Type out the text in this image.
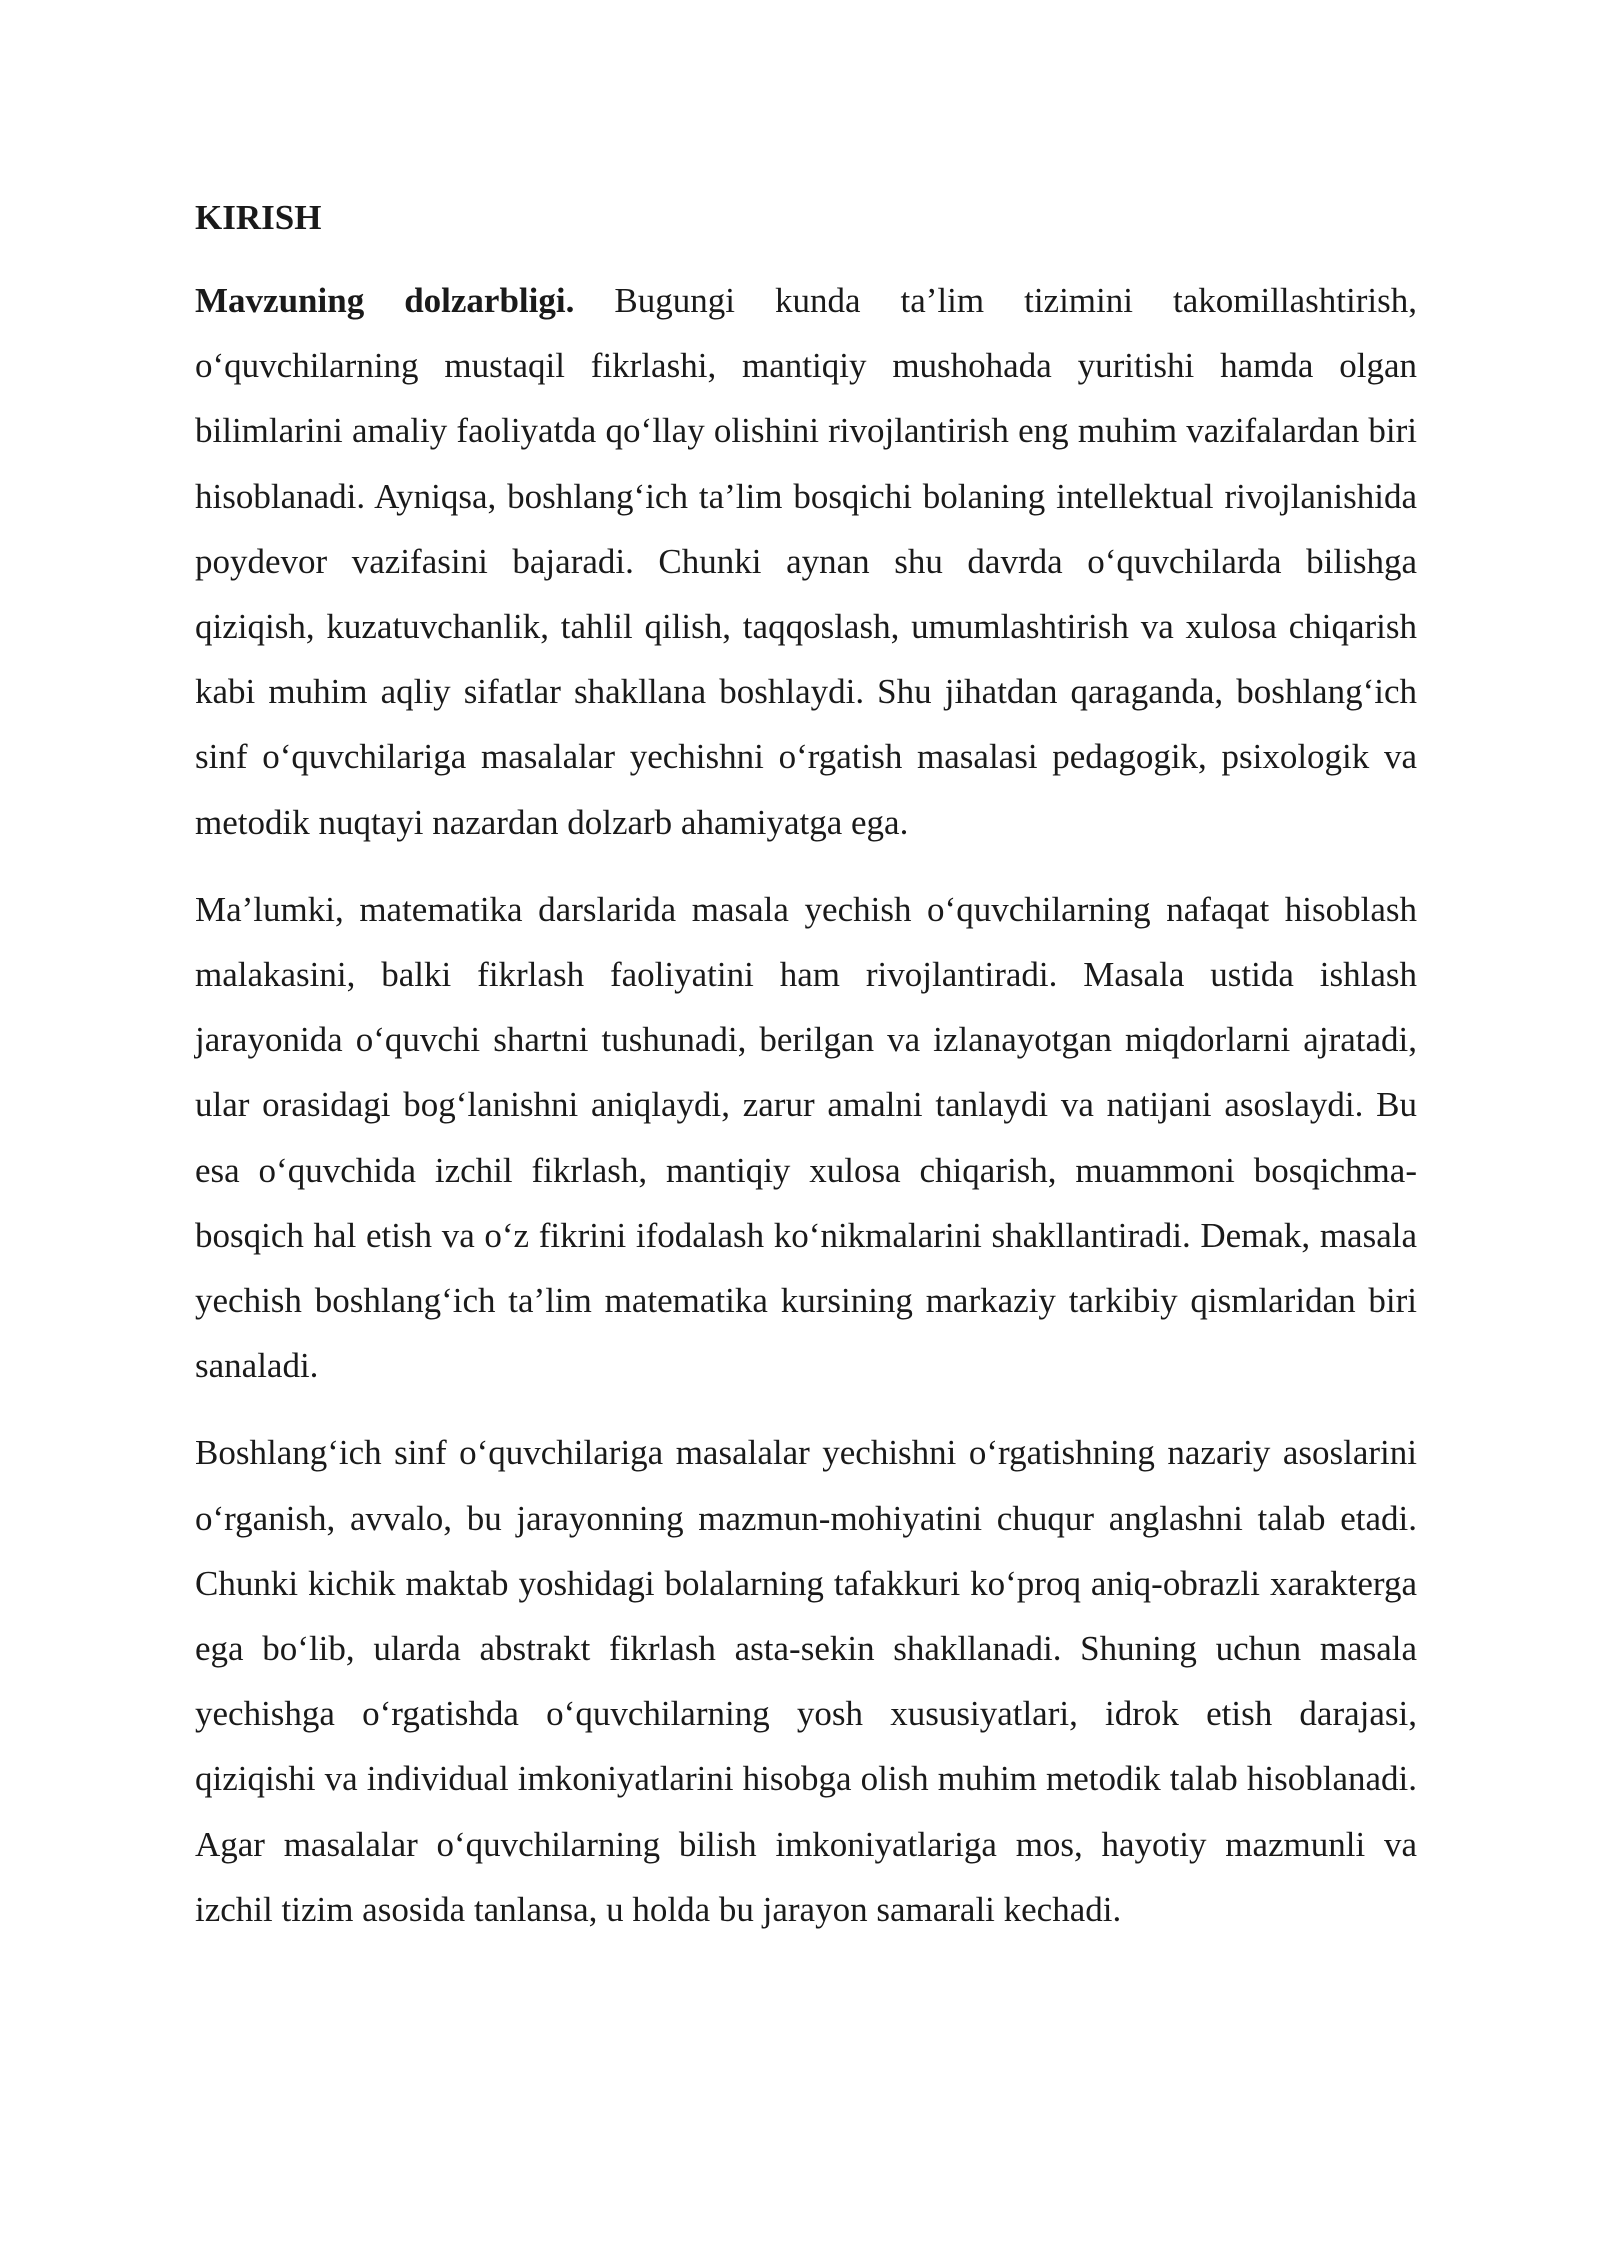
KIRISH

Mavzuning dolzarbligi. Bugungi kunda ta’lim tizimini takomillashtirish, o‘quvchilarning mustaqil fikrlashi, mantiqiy mushohada yuritishi hamda olgan bilimlarini amaliy faoliyatda qo‘llay olishini rivojlantirish eng muhim vazifalardan biri hisoblanadi. Ayniqsa, boshlang‘ich ta’lim bosqichi bolaning intellektual rivojlanishida poydevor vazifasini bajaradi. Chunki aynan shu davrda o‘quvchilarda bilishga qiziqish, kuzatuvchanlik, tahlil qilish, taqqoslash, umumlashtirish va xulosa chiqarish kabi muhim aqliy sifatlar shakllana boshlaydi. Shu jihatdan qaraganda, boshlang‘ich sinf o‘quvchilariga masalalar yechishni o‘rgatish masalasi pedagogik, psixologik va metodik nuqtayi nazardan dolzarb ahamiyatga ega.

Ma’lumki, matematika darslarida masala yechish o‘quvchilarning nafaqat hisoblash malakasini, balki fikrlash faoliyatini ham rivojlantiradi. Masala ustida ishlash jarayonida o‘quvchi shartni tushunadi, berilgan va izlanayotgan miqdorlarni ajratadi, ular orasidagi bog‘lanishni aniqlaydi, zarur amalni tanlaydi va natijani asoslaydi. Bu esa o‘quvchida izchil fikrlash, mantiqiy xulosa chiqarish, muammoni bosqichma-bosqich hal etish va o‘z fikrini ifodalash ko‘nikmalarini shakllantiradi. Demak, masala yechish boshlang‘ich ta’lim matematika kursining markaziy tarkibiy qismlaridan biri sanaladi.

Boshlang‘ich sinf o‘quvchilariga masalalar yechishni o‘rgatishning nazariy asoslarini o‘rganish, avvalo, bu jarayonning mazmun-mohiyatini chuqur anglashni talab etadi. Chunki kichik maktab yoshidagi bolalarning tafakkuri ko‘proq aniq-obrazli xarakterga ega bo‘lib, ularda abstrakt fikrlash asta-sekin shakllanadi. Shuning uchun masala yechishga o‘rgatishda o‘quvchilarning yosh xususiyatlari, idrok etish darajasi, qiziqishi va individual imkoniyatlarini hisobga olish muhim metodik talab hisoblanadi. Agar masalalar o‘quvchilarning bilish imkoniyatlariga mos, hayotiy mazmunli va izchil tizim asosida tanlansa, u holda bu jarayon samarali kechadi.
